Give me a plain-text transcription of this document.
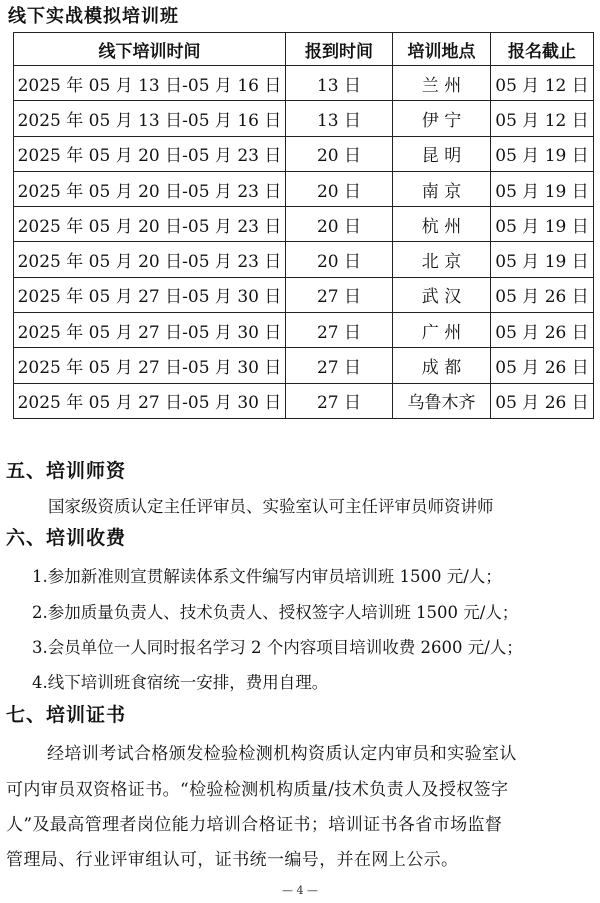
线下实战模拟培训班
线下培训时间	报到时间	培训地点	报名截止
2025 年 05 月 13 日-05 月 16 日	13 日	兰 州	05 月 12 日
2025 年 05 月 13 日-05 月 16 日	13 日	伊 宁	05 月 12 日
2025 年 05 月 20 日-05 月 23 日	20 日	昆 明	05 月 19 日
2025 年 05 月 20 日-05 月 23 日	20 日	南 京	05 月 19 日
2025 年 05 月 20 日-05 月 23 日	20 日	杭 州	05 月 19 日
2025 年 05 月 20 日-05 月 23 日	20 日	北 京	05 月 19 日
2025 年 05 月 27 日-05 月 30 日	27 日	武 汉	05 月 26 日
2025 年 05 月 27 日-05 月 30 日	27 日	广 州	05 月 26 日
2025 年 05 月 27 日-05 月 30 日	27 日	成 都	05 月 26 日
2025 年 05 月 27 日-05 月 30 日	27 日	乌鲁木齐	05 月 26 日
五、培训师资
国家级资质认定主任评审员、实验室认可主任评审员师资讲师
六、培训收费
1.参加新准则宣贯解读体系文件编写内审员培训班 1500 元/人；
2.参加质量负责人、技术负责人、授权签字人培训班 1500 元/人；
3.会员单位一人同时报名学习 2 个内容项目培训收费 2600 元/人；
4.线下培训班食宿统一安排，费用自理。
七、培训证书
经培训考试合格颁发检验检测机构资质认定内审员和实验室认
可内审员双资格证书。“检验检测机构质量/技术负责人及授权签字
人”及最高管理者岗位能力培训合格证书；培训证书各省市场监督
管理局、行业评审组认可，证书统一编号，并在网上公示。
— 4 —
